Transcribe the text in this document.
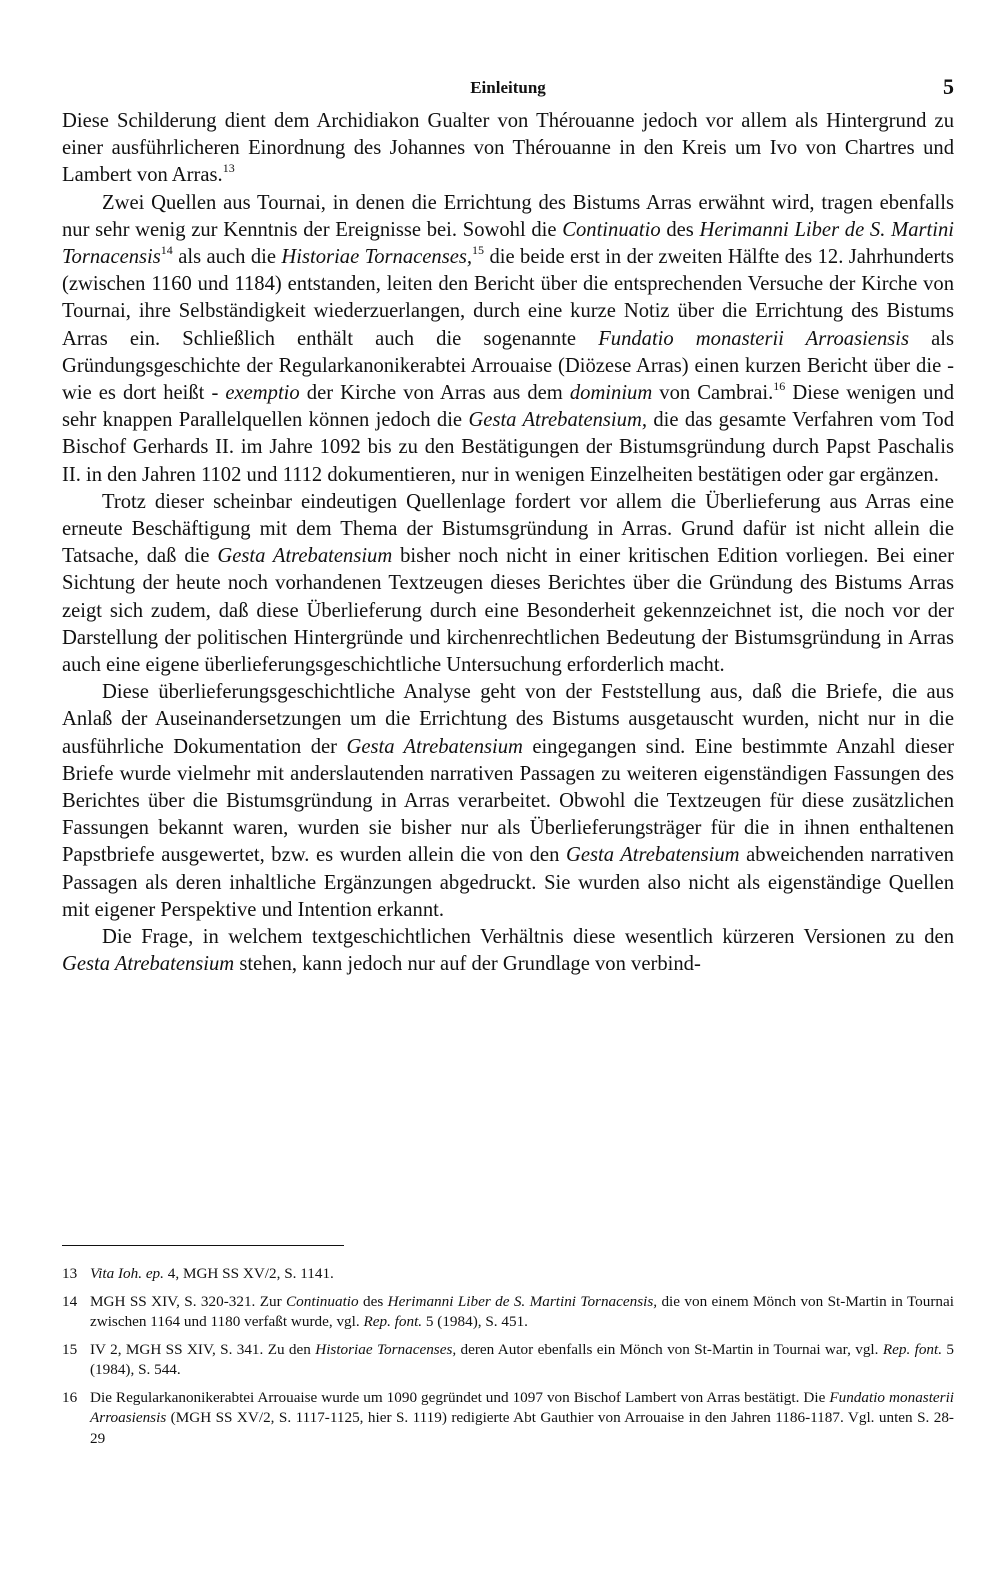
Einleitung	5

Diese Schilderung dient dem Archidiakon Gualter von Thérouanne jedoch vor allem als Hintergrund zu einer ausführlicheren Einordnung des Johannes von Thérouanne in den Kreis um Ivo von Chartres und Lambert von Arras.$^{13}$

Zwei Quellen aus Tournai, in denen die Errichtung des Bistums Arras erwähnt wird, tragen ebenfalls nur sehr wenig zur Kenntnis der Ereignisse bei. Sowohl die Continuatio des Herimanni Liber de S. Martini Tornacensis$^{14}$ als auch die Historiae Tornacenses,$^{15}$ die beide erst in der zweiten Hälfte des 12. Jahrhunderts (zwischen 1160 und 1184) entstanden, leiten den Bericht über die entsprechenden Versuche der Kirche von Tournai, ihre Selbständigkeit wiederzuerlangen, durch eine kurze Notiz über die Errichtung des Bistums Arras ein. Schließlich enthält auch die sogenannte Fundatio monasterii Arroasiensis als Gründungsgeschichte der Regularkanonikerabtei Arrouaise (Diözese Arras) einen kurzen Bericht über die - wie es dort heißt - exemptio der Kirche von Arras aus dem dominium von Cambrai.$^{16}$ Diese wenigen und sehr knappen Parallelquellen können jedoch die Gesta Atrebatensium, die das gesamte Verfahren vom Tod Bischof Gerhards II. im Jahre 1092 bis zu den Bestätigungen der Bistumsgründung durch Papst Paschalis II. in den Jahren 1102 und 1112 dokumentieren, nur in wenigen Einzelheiten bestätigen oder gar ergänzen.

Trotz dieser scheinbar eindeutigen Quellenlage fordert vor allem die Überlieferung aus Arras eine erneute Beschäftigung mit dem Thema der Bistumsgründung in Arras. Grund dafür ist nicht allein die Tatsache, daß die Gesta Atrebatensium bisher noch nicht in einer kritischen Edition vorliegen. Bei einer Sichtung der heute noch vorhandenen Textzeugen dieses Berichtes über die Gründung des Bistums Arras zeigt sich zudem, daß diese Überlieferung durch eine Besonderheit gekennzeichnet ist, die noch vor der Darstellung der politischen Hintergründe und kirchenrechtlichen Bedeutung der Bistumsgründung in Arras auch eine eigene überlieferungsgeschichtliche Untersuchung erforderlich macht.

Diese überlieferungsgeschichtliche Analyse geht von der Feststellung aus, daß die Briefe, die aus Anlaß der Auseinandersetzungen um die Errichtung des Bistums ausgetauscht wurden, nicht nur in die ausführliche Dokumentation der Gesta Atrebatensium eingegangen sind. Eine bestimmte Anzahl dieser Briefe wurde vielmehr mit anderslautenden narrativen Passagen zu weiteren eigenständigen Fassungen des Berichtes über die Bistumsgründung in Arras verarbeitet. Obwohl die Textzeugen für diese zusätzlichen Fassungen bekannt waren, wurden sie bisher nur als Überlieferungsträger für die in ihnen enthaltenen Papstbriefe ausgewertet, bzw. es wurden allein die von den Gesta Atrebatensium abweichenden narrativen Passagen als deren inhaltliche Ergänzungen abgedruckt. Sie wurden also nicht als eigenständige Quellen mit eigener Perspektive und Intention erkannt.

Die Frage, in welchem textgeschichtlichen Verhältnis diese wesentlich kürzeren Versionen zu den Gesta Atrebatensium stehen, kann jedoch nur auf der Grundlage von verbind-

13 Vita Ioh. ep. 4, MGH SS XV/2, S. 1141.
14 MGH SS XIV, S. 320-321. Zur Continuatio des Herimanni Liber de S. Martini Tornacensis, die von einem Mönch von St-Martin in Tournai zwischen 1164 und 1180 verfaßt wurde, vgl. Rep. font. 5 (1984), S. 451.
15 IV 2, MGH SS XIV, S. 341. Zu den Historiae Tornacenses, deren Autor ebenfalls ein Mönch von St-Martin in Tournai war, vgl. Rep. font. 5 (1984), S. 544.
16 Die Regularkanonikerabtei Arrouaise wurde um 1090 gegründet und 1097 von Bischof Lambert von Arras bestätigt. Die Fundatio monasterii Arroasiensis (MGH SS XV/2, S. 1117-1125, hier S. 1119) redigierte Abt Gauthier von Arrouaise in den Jahren 1186-1187. Vgl. unten S. 28-29
